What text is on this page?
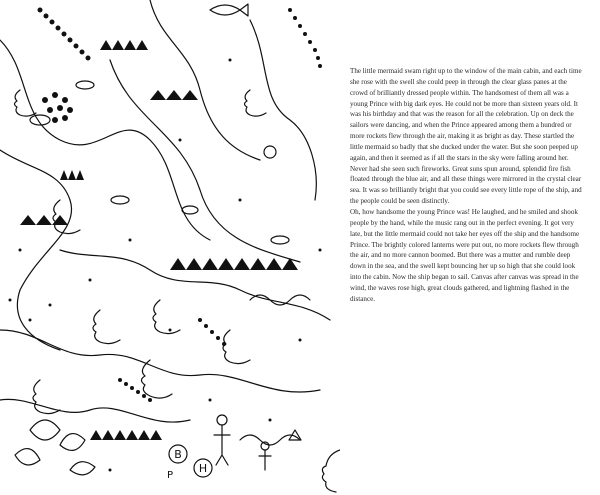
B
H
P

The little mermaid swam right up to the window of the main cabin, and each time she rose with the swell she could peep in through the clear glass panes at the crowd of brilliantly dressed people within. The handsomest of them all was a young Prince with big dark eyes. He could not be more than sixteen years old. It was his birthday and that was the reason for all the celebration. Up on deck the sailors were dancing, and when the Prince appeared among them a hundred or more rockets flew through the air, making it as bright as day. These startled the little mermaid so badly that she ducked under the water. But she soon peeped up again, and then it seemed as if all the stars in the sky were falling around her. Never had she seen such fireworks. Great suns spun around, splendid fire fish floated through the blue air, and all these things were mirrored in the crystal clear sea. It was so brilliantly bright that you could see every little rope of the ship, and the people could be seen distinctly.

Oh, how handsome the young Prince was! He laughed, and he smiled and shook people by the hand, while the music rang out in the perfect evening. It got very late, but the little mermaid could not take her eyes off the ship and the handsome Prince. The brightly colored lanterns were put out, no more rockets flew through the air, and no more cannon boomed. But there was a mutter and rumble deep down in the sea, and the swell kept bouncing her up so high that she could look into the cabin. Now the ship began to sail. Canvas after canvas was spread in the wind, the waves rose high, great clouds gathered, and lightning flashed in the distance.
